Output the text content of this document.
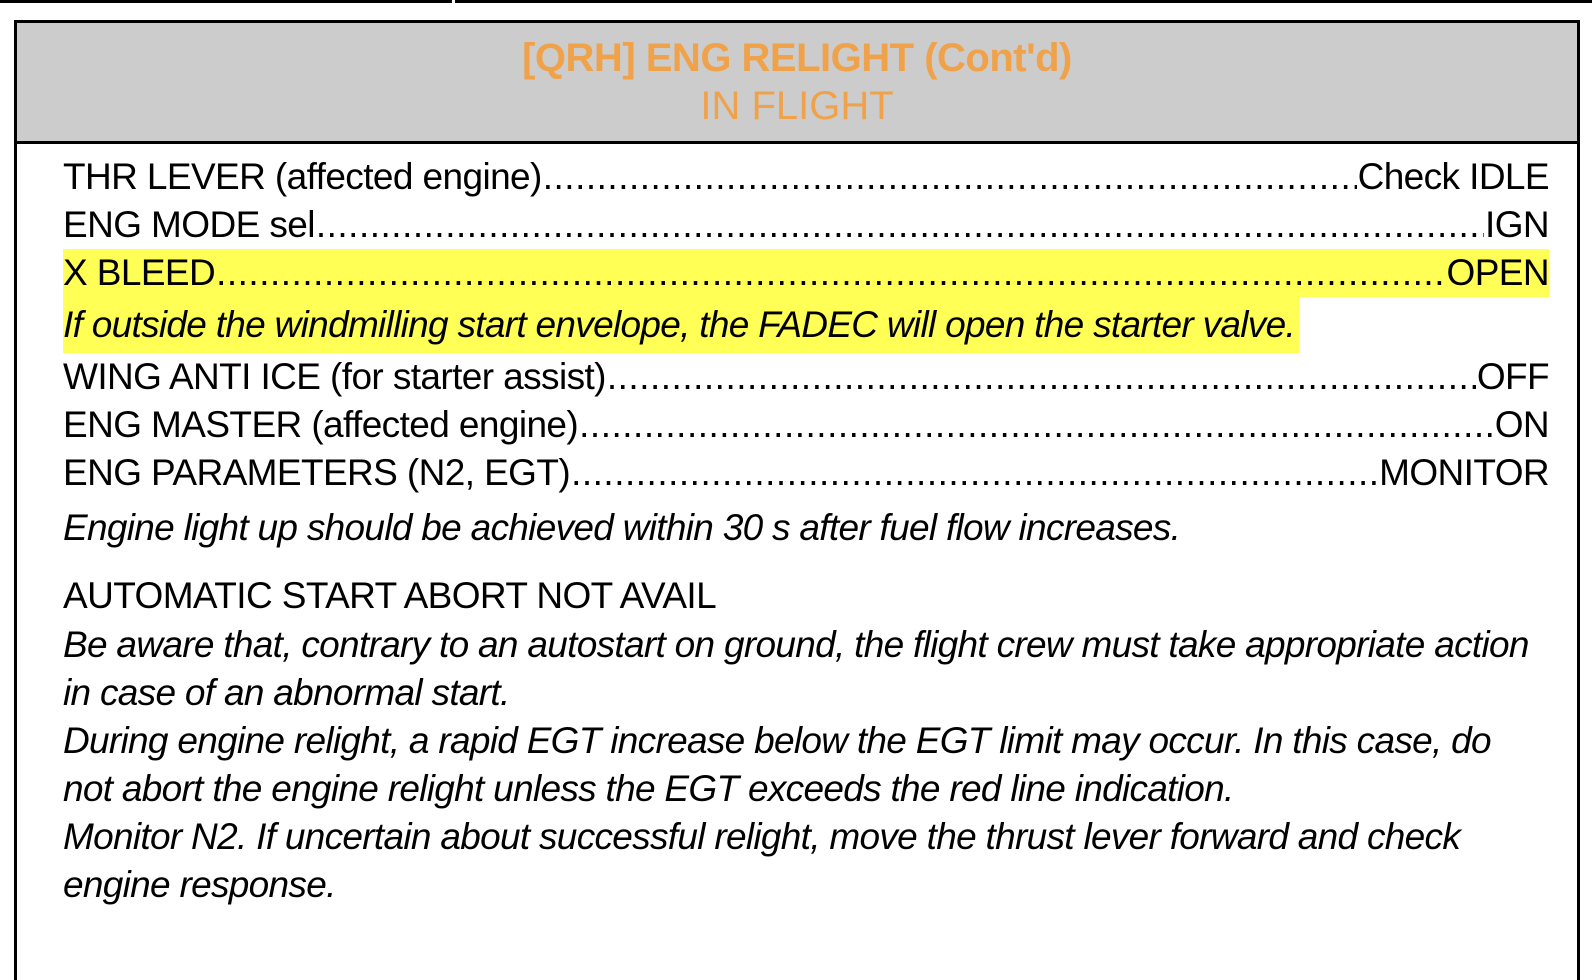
[QRH] ENG RELIGHT (Cont'd)
IN FLIGHT
THR LEVER (affected engine) .....	Check IDLE
ENG MODE sel .....	IGN
X BLEED .....	OPEN
If outside the windmilling start envelope, the FADEC will open the starter valve.
WING ANTI ICE (for starter assist) .....	OFF
ENG MASTER (affected engine) .....	ON
ENG PARAMETERS (N2, EGT) .....	MONITOR
Engine light up should be achieved within 30 s after fuel flow increases.
AUTOMATIC START ABORT NOT AVAIL
Be aware that, contrary to an autostart on ground, the flight crew must take appropriate action in case of an abnormal start.
During engine relight, a rapid EGT increase below the EGT limit may occur. In this case, do not abort the engine relight unless the EGT exceeds the red line indication.
Monitor N2. If uncertain about successful relight, move the thrust lever forward and check engine response.
